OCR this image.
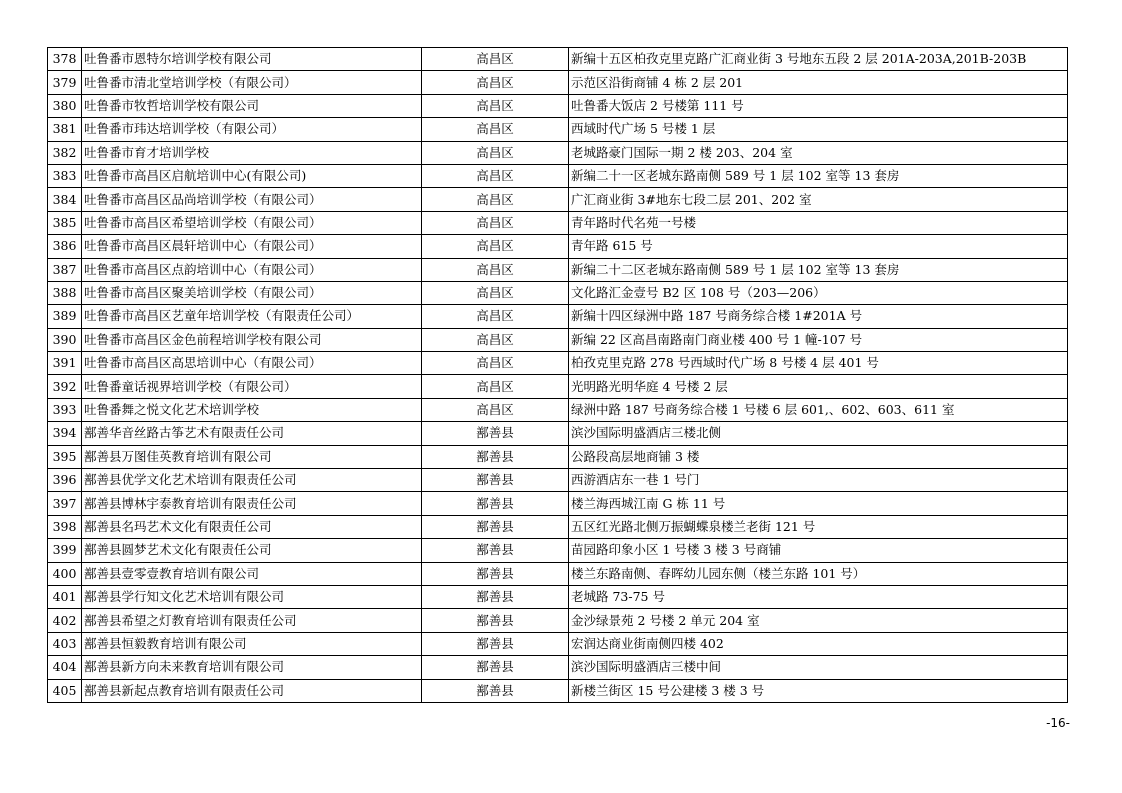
378	吐鲁番市恩特尔培训学校有限公司	高昌区	新编十五区柏孜克里克路广汇商业街 3 号地东五段 2 层 201A-203A,201B-203B
379	吐鲁番市清北堂培训学校（有限公司）	高昌区	示范区沿街商铺 4 栋 2 层 201
380	吐鲁番市牧哲培训学校有限公司	高昌区	吐鲁番大饭店 2 号楼第 111 号
381	吐鲁番市玮达培训学校（有限公司）	高昌区	西域时代广场 5 号楼 1 层
382	吐鲁番市育才培训学校	高昌区	老城路豪门国际一期 2 楼 203、204 室
383	吐鲁番市高昌区启航培训中心(有限公司)	高昌区	新编二十一区老城东路南侧 589 号 1 层 102 室等 13 套房
384	吐鲁番市高昌区品尚培训学校（有限公司）	高昌区	广汇商业街 3#地东七段二层 201、202 室
385	吐鲁番市高昌区希望培训学校（有限公司）	高昌区	青年路时代名苑一号楼
386	吐鲁番市高昌区晨轩培训中心（有限公司）	高昌区	青年路 615 号
387	吐鲁番市高昌区点韵培训中心（有限公司）	高昌区	新编二十二区老城东路南侧 589 号 1 层 102 室等 13 套房
388	吐鲁番市高昌区聚美培训学校（有限公司）	高昌区	文化路汇金壹号 B2 区 108 号（203—206）
389	吐鲁番市高昌区艺童年培训学校（有限责任公司）	高昌区	新编十四区绿洲中路 187 号商务综合楼 1#201A 号
390	吐鲁番市高昌区金色前程培训学校有限公司	高昌区	新编 22 区高昌南路南门商业楼 400 号 1 幢-107 号
391	吐鲁番市高昌区高思培训中心（有限公司）	高昌区	柏孜克里克路 278 号西域时代广场 8 号楼 4 层 401 号
392	吐鲁番童话视界培训学校（有限公司）	高昌区	光明路光明华庭 4 号楼 2 层
393	吐鲁番舞之悦文化艺术培训学校	高昌区	绿洲中路 187 号商务综合楼 1 号楼 6 层 601,、602、603、611 室
394	鄯善华音丝路古筝艺术有限责任公司	鄯善县	滨沙国际明盛酒店三楼北侧
395	鄯善县万图佳英教育培训有限公司	鄯善县	公路段高层地商铺 3 楼
396	鄯善县优学文化艺术培训有限责任公司	鄯善县	西游酒店东一巷 1 号门
397	鄯善县博林宇泰教育培训有限责任公司	鄯善县	楼兰海西城江南 G 栋 11 号
398	鄯善县名玛艺术文化有限责任公司	鄯善县	五区红光路北侧万振蝴蝶泉楼兰老街 121 号
399	鄯善县圆梦艺术文化有限责任公司	鄯善县	苗园路印象小区 1 号楼 3 楼 3 号商铺
400	鄯善县壹零壹教育培训有限公司	鄯善县	楼兰东路南侧、春晖幼儿园东侧（楼兰东路 101 号）
401	鄯善县学行知文化艺术培训有限公司	鄯善县	老城路 73-75 号
402	鄯善县希望之灯教育培训有限责任公司	鄯善县	金沙绿景苑 2 号楼 2 单元 204 室
403	鄯善县恒毅教育培训有限公司	鄯善县	宏润达商业街南侧四楼 402
404	鄯善县新方向未来教育培训有限公司	鄯善县	滨沙国际明盛酒店三楼中间
405	鄯善县新起点教育培训有限责任公司	鄯善县	新楼兰街区 15 号公建楼 3 楼 3 号
-16-
